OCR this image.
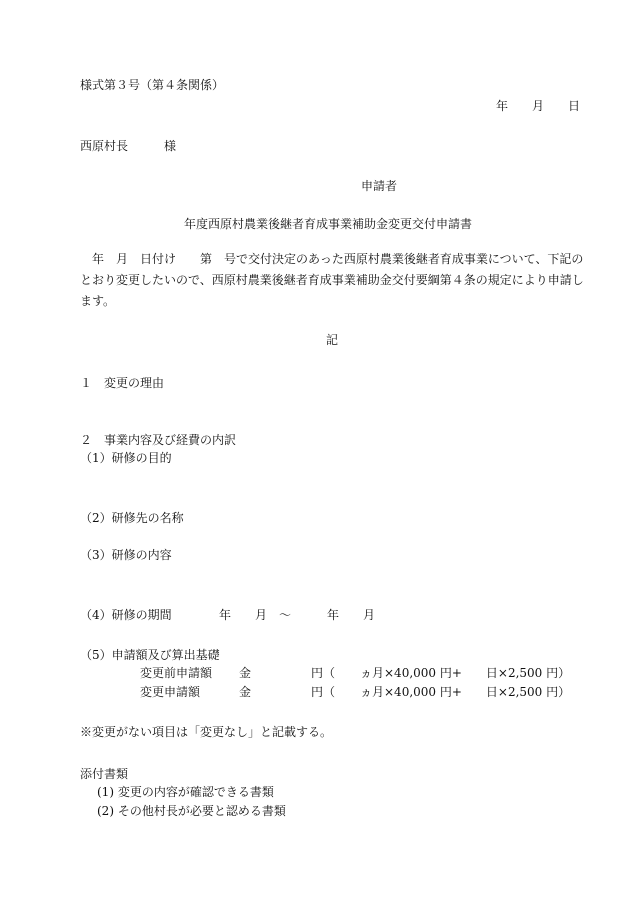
様式第３号（第４条関係）
年　　月　　日
西原村長　　　様
申請者
年度西原村農業後継者育成事業補助金変更交付申請書
　年　月　日付け　　第　号で交付決定のあった西原村農業後継者育成事業について、下記のとおり変更したいので、西原村農業後継者育成事業補助金交付要綱第４条の規定により申請します。
記
１　変更の理由
２　事業内容及び経費の内訳
（1）研修の目的
（2）研修先の名称
（3）研修の内容
（4）研修の期間	年　　月　～　　　年　　月
（5）申請額及び算出基礎
変更前申請額 金	円（ ヵ月×40,000 円+　　日×2,500 円）
変更申請額	金	円（ ヵ月×40,000 円+　　日×2,500 円）
※変更がない項目は「変更なし」と記載する。
添付書類
(1) 変更の内容が確認できる書類
(2) その他村長が必要と認める書類
